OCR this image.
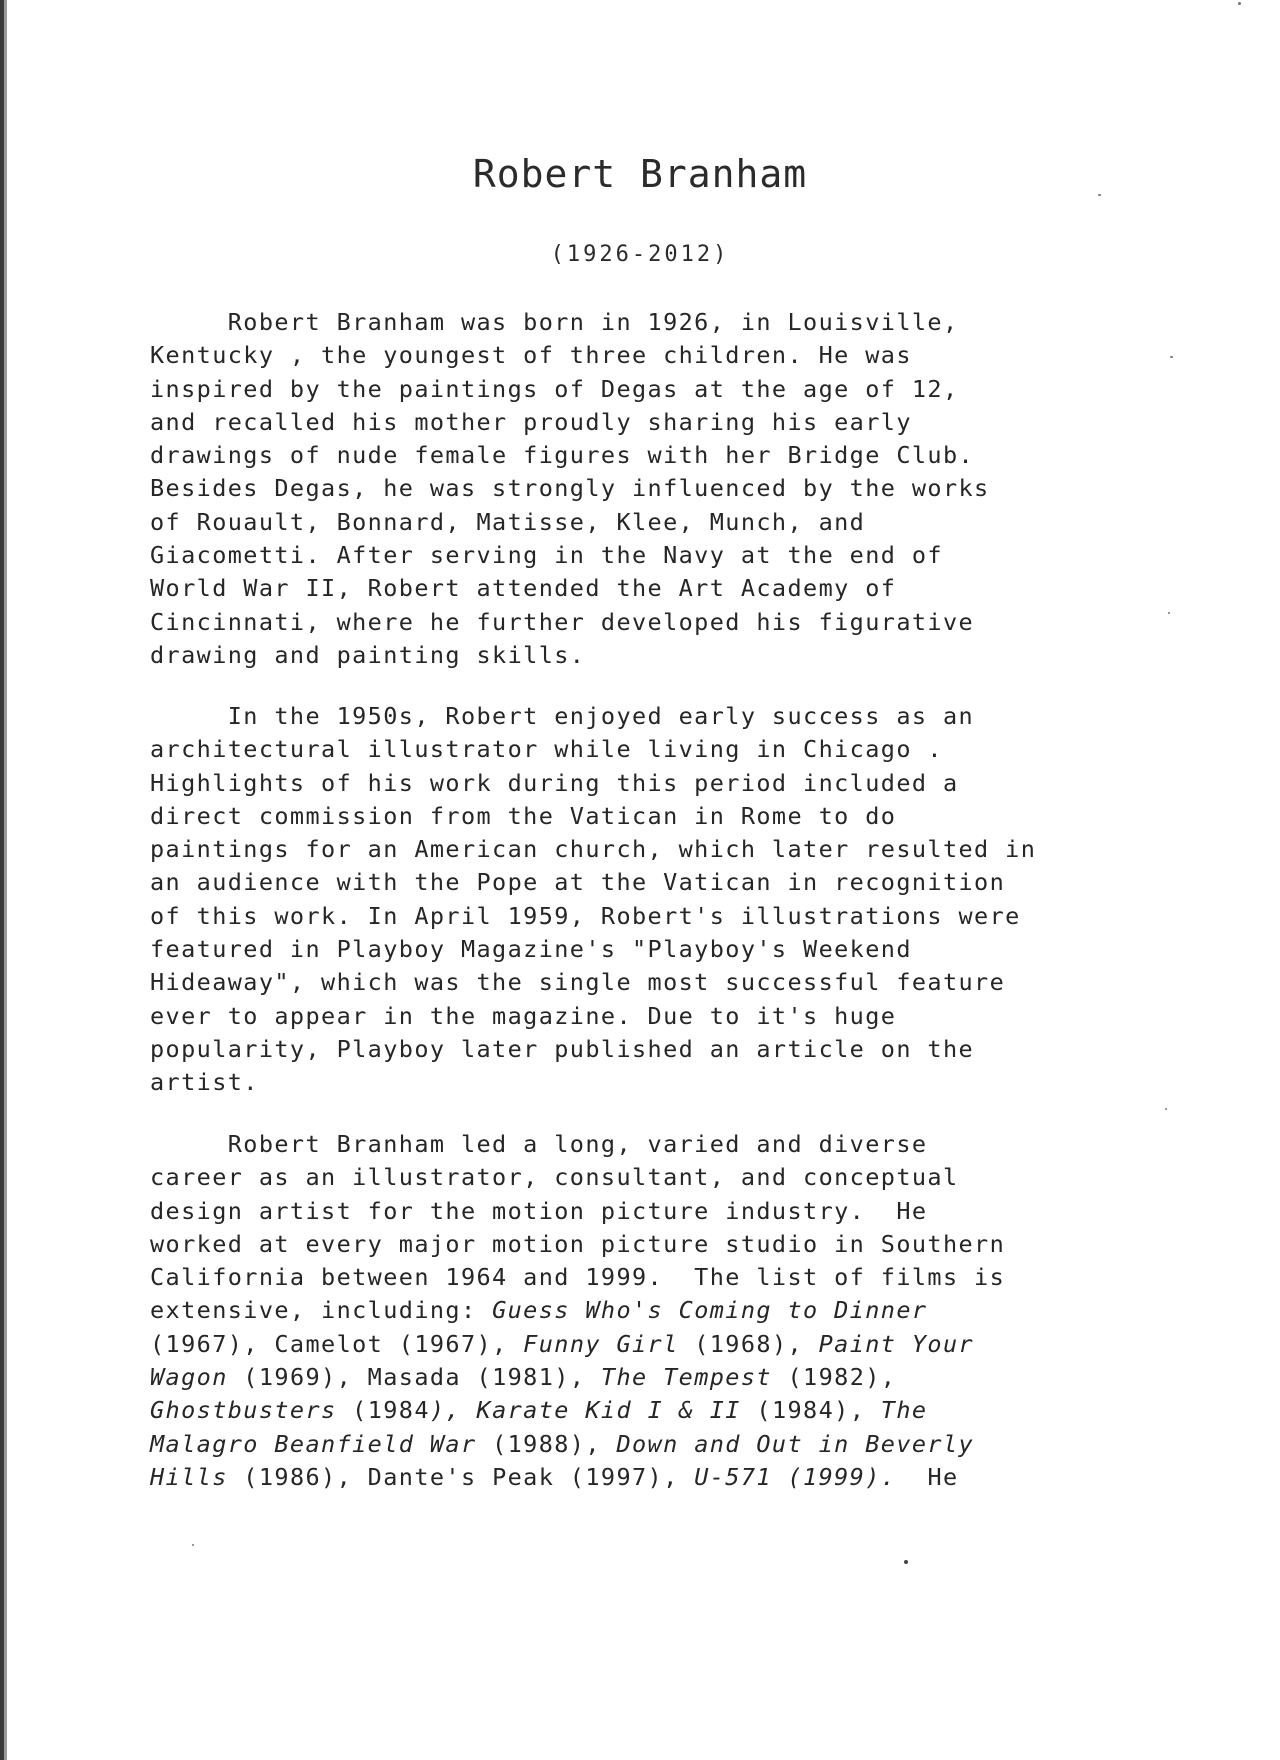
Robert Branham
(1926-2012)
Robert Branham was born in 1926, in Louisville,
Kentucky , the youngest of three children. He was
inspired by the paintings of Degas at the age of 12,
and recalled his mother proudly sharing his early
drawings of nude female figures with her Bridge Club.
Besides Degas, he was strongly influenced by the works
of Rouault, Bonnard, Matisse, Klee, Munch, and
Giacometti. After serving in the Navy at the end of
World War II, Robert attended the Art Academy of
Cincinnati, where he further developed his figurative
drawing and painting skills.
In the 1950s, Robert enjoyed early success as an
architectural illustrator while living in Chicago .
Highlights of his work during this period included a
direct commission from the Vatican in Rome to do
paintings for an American church, which later resulted in
an audience with the Pope at the Vatican in recognition
of this work. In April 1959, Robert's illustrations were
featured in Playboy Magazine's "Playboy's Weekend
Hideaway", which was the single most successful feature
ever to appear in the magazine. Due to it's huge
popularity, Playboy later published an article on the
artist.
Robert Branham led a long, varied and diverse
career as an illustrator, consultant, and conceptual
design artist for the motion picture industry.  He
worked at every major motion picture studio in Southern
California between 1964 and 1999.  The list of films is
extensive, including: Guess Who's Coming to Dinner
(1967), Camelot (1967), Funny Girl (1968), Paint Your
Wagon (1969), Masada (1981), The Tempest (1982),
Ghostbusters (1984), Karate Kid I & II (1984), The
Malagro Beanfield War (1988), Down and Out in Beverly
Hills (1986), Dante's Peak (1997), U-571 (1999).  He
